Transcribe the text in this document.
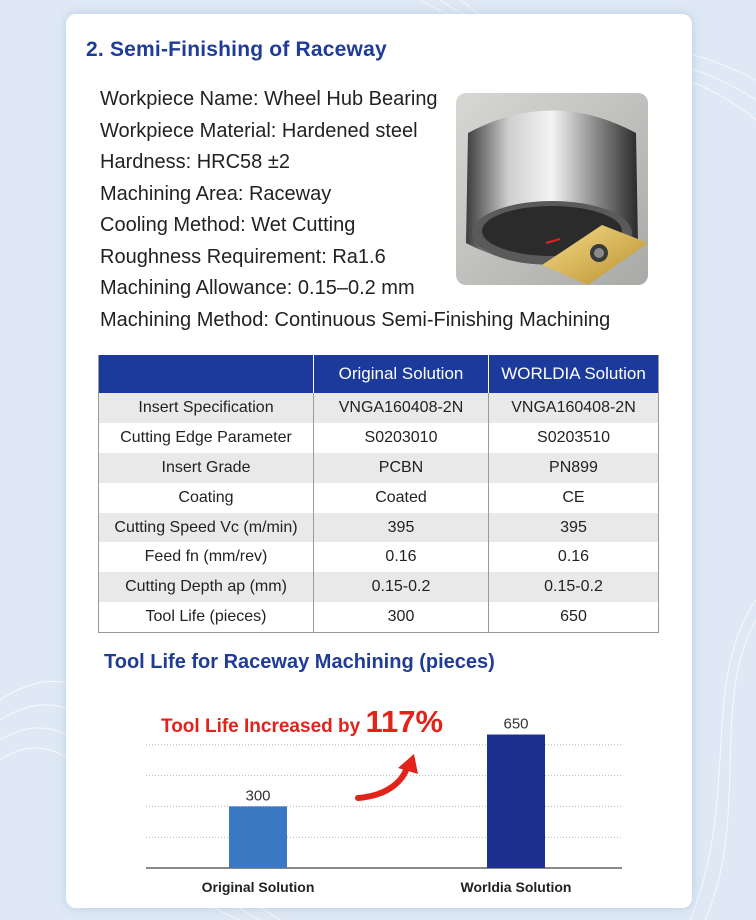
2. Semi-Finishing of Raceway
Workpiece Name: Wheel Hub Bearing
Workpiece Material: Hardened steel
Hardness: HRC58 ±2
Machining Area: Raceway
Cooling Method: Wet Cutting
Roughness Requirement: Ra1.6
Machining Allowance: 0.15–0.2 mm
Machining Method: Continuous Semi-Finishing Machining
	Original Solution	WORLDIA Solution
Insert Specification	VNGA160408-2N	VNGA160408-2N
Cutting Edge Parameter	S0203010	S0203510
Insert Grade	PCBN	PN899
Coating	Coated	CE
Cutting Speed Vc (m/min)	395	395
Feed fn (mm/rev)	0.16	0.16
Cutting Depth ap (mm)	0.15-0.2	0.15-0.2
Tool Life (pieces)	300	650
Tool Life for Raceway Machining (pieces)
300
Original Solution
650
Worldia Solution
Tool Life Increased by 117%
